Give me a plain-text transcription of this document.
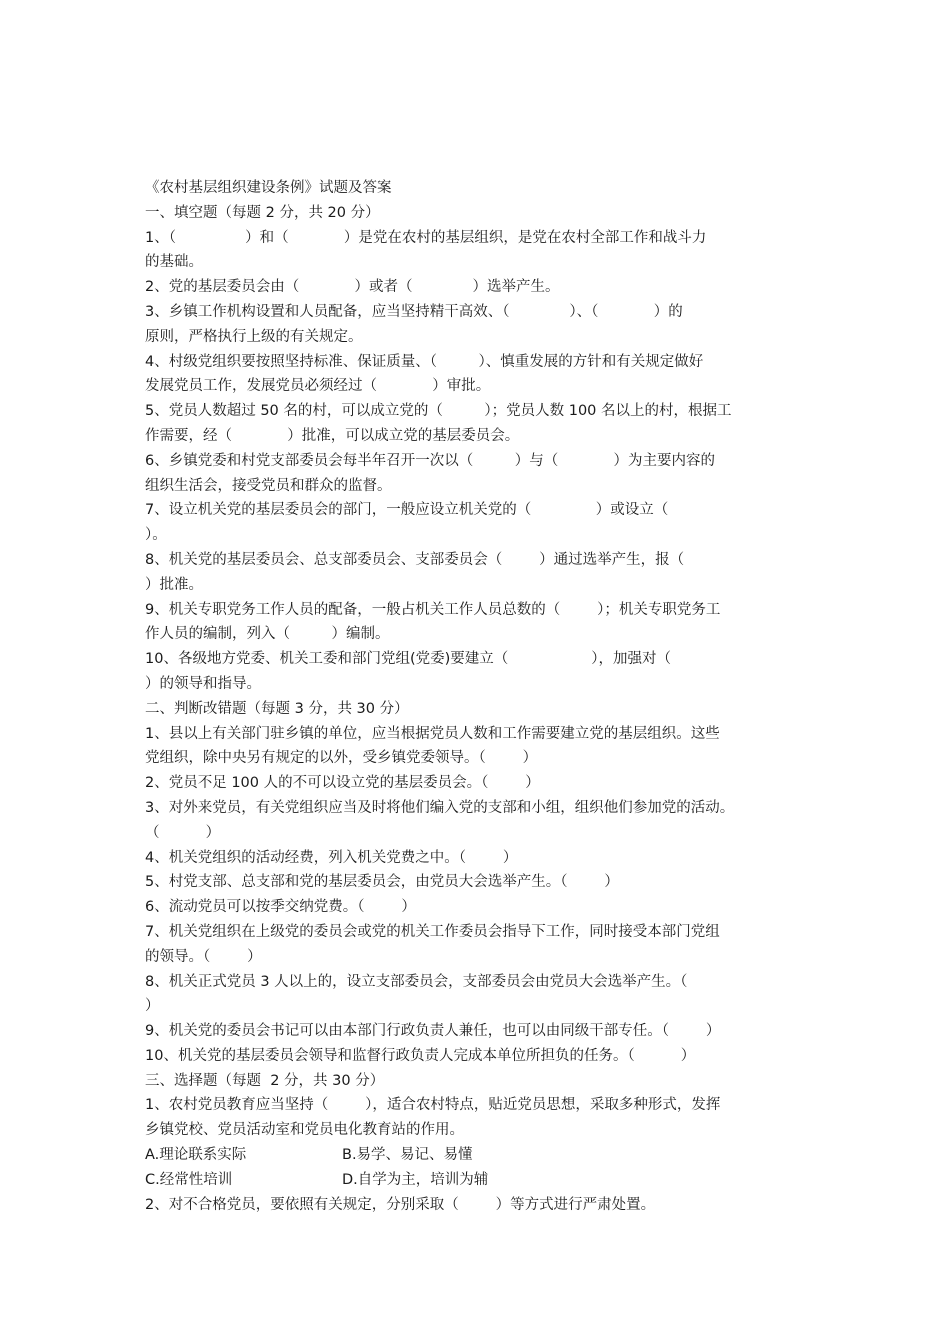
《农村基层组织建设条例》试题及答案
一、填空题（每题 2 分，共 20 分）
1、（               ）和（            ）是党在农村的基层组织，是党在农村全部工作和战斗力
的基础。
2、党的基层委员会由（            ）或者（             ）选举产生。
3、乡镇工作机构设置和人员配备，应当坚持精干高效、（             ）、（            ）的
原则，严格执行上级的有关规定。
4、村级党组织要按照坚持标准、保证质量、（         ）、慎重发展的方针和有关规定做好
发展党员工作，发展党员必须经过（            ）审批。
5、党员人数超过 50 名的村，可以成立党的（         ）；党员人数 100 名以上的村，根据工
作需要，经（            ）批准，可以成立党的基层委员会。
6、乡镇党委和村党支部委员会每半年召开一次以（         ）与（            ）为主要内容的
组织生活会，接受党员和群众的监督。
7、设立机关党的基层委员会的部门，一般应设立机关党的（              ）或设立（
）。
8、机关党的基层委员会、总支部委员会、支部委员会（        ）通过选举产生，报（
）批准。
9、机关专职党务工作人员的配备，一般占机关工作人员总数的（        ）；机关专职党务工
作人员的编制，列入（         ）编制。
10、各级地方党委、机关工委和部门党组(党委)要建立（                  ），加强对（
）的领导和指导。
二、判断改错题（每题 3 分，共 30 分）
1、县以上有关部门驻乡镇的单位，应当根据党员人数和工作需要建立党的基层组织。这些
党组织，除中央另有规定的以外，受乡镇党委领导。（        ）
2、党员不足 100 人的不可以设立党的基层委员会。（        ）
3、对外来党员，有关党组织应当及时将他们编入党的支部和小组，组织他们参加党的活动。
（          ）
4、机关党组织的活动经费，列入机关党费之中。（        ）
5、村党支部、总支部和党的基层委员会，由党员大会选举产生。（        ）
6、流动党员可以按季交纳党费。（        ）
7、机关党组织在上级党的委员会或党的机关工作委员会指导下工作，同时接受本部门党组
的领导。（        ）
8、机关正式党员 3 人以上的，设立支部委员会，支部委员会由党员大会选举产生。（
）
9、机关党的委员会书记可以由本部门行政负责人兼任，也可以由同级干部专任。（        ）
10、机关党的基层委员会领导和监督行政负责人完成本单位所担负的任务。（          ）
三、选择题（每题  2 分，共 30 分）
1、农村党员教育应当坚持（        ），适合农村特点，贴近党员思想，采取多种形式，发挥
乡镇党校、党员活动室和党员电化教育站的作用。
A.理论联系实际	B.易学、易记、易懂
C.经常性培训	D.自学为主，培训为辅
2、对不合格党员，要依照有关规定，分别采取（        ）等方式进行严肃处置。
